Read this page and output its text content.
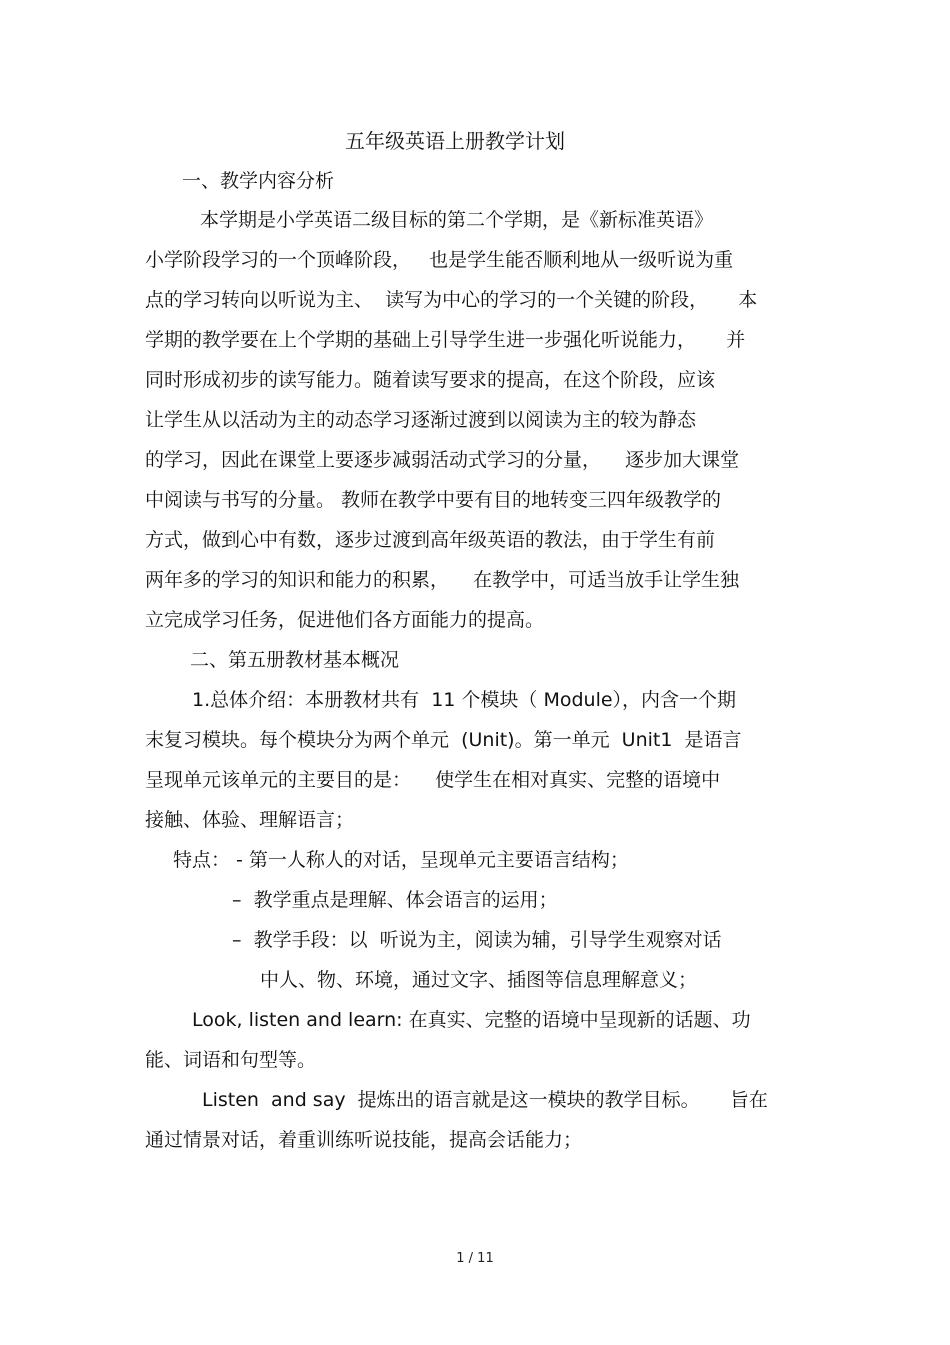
五年级英语上册教学计划
一、教学内容分析
本学期是小学英语二级目标的第二个学期，是《新标准英语》
小学阶段学习的一个顶峰阶段，   也是学生能否顺利地从一级听说为重
点的学习转向以听说为主、  读写为中心的学习的一个关键的阶段，     本
学期的教学要在上个学期的基础上引导学生进一步强化听说能力，     并
同时形成初步的读写能力。随着读写要求的提高，在这个阶段，应该
让学生从以活动为主的动态学习逐渐过渡到以阅读为主的较为静态
的学习，因此在课堂上要逐步减弱活动式学习的分量，    逐步加大课堂
中阅读与书写的分量。 教师在教学中要有目的地转变三四年级教学的
方式，做到心中有数，逐步过渡到高年级英语的教法，由于学生有前
两年多的学习的知识和能力的积累，    在教学中，可适当放手让学生独
立完成学习任务，促进他们各方面能力的提高。
二、第五册教材基本概况
1.总体介绍：本册教材共有  11 个模块（ Module），内含一个期
末复习模块。每个模块分为两个单元  (Unit)。第一单元  Unit1  是语言
呈现单元该单元的主要目的是：    使学生在相对真实、完整的语境中
接触、体验、理解语言；
特点： - 第一人称人的对话，呈现单元主要语言结构；
–  教学重点是理解、体会语言的运用；
–  教学手段：以  听说为主，阅读为辅，引导学生观察对话
中人、物、环境，通过文字、插图等信息理解意义；
Look, listen and learn: 在真实、完整的语境中呈现新的话题、功
能、词语和句型等。
Listen  and say  提炼出的语言就是这一模块的教学目标。     旨在
通过情景对话，着重训练听说技能，提高会话能力；
1 / 11
